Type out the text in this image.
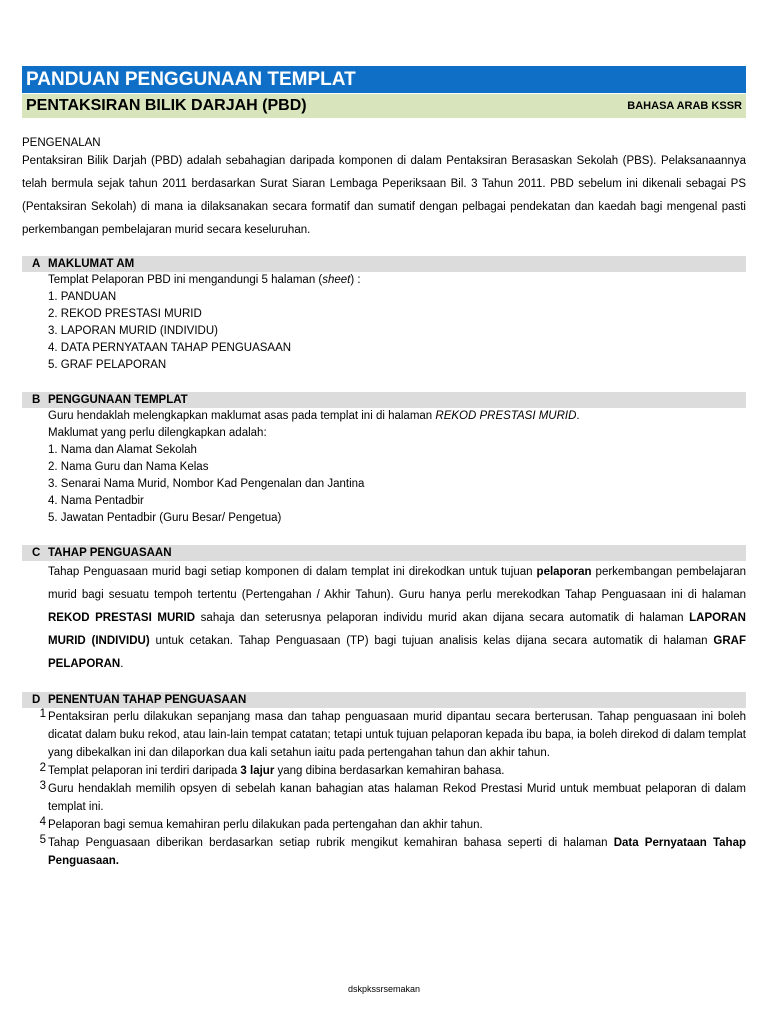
PANDUAN PENGGUNAAN TEMPLAT
PENTAKSIRAN BILIK DARJAH (PBD)	BAHASA ARAB KSSR
PENGENALAN

Pentaksiran Bilik Darjah (PBD) adalah sebahagian daripada komponen di dalam Pentaksiran Berasaskan Sekolah (PBS). Pelaksanaannya telah bermula sejak tahun 2011 berdasarkan Surat Siaran Lembaga Peperiksaan Bil. 3 Tahun 2011. PBD sebelum ini dikenali sebagai PS (Pentaksiran Sekolah) di mana ia dilaksanakan secara formatif dan sumatif dengan pelbagai pendekatan dan kaedah bagi mengenal pasti perkembangan pembelajaran murid secara keseluruhan.

A MAKLUMAT AM
Templat Pelaporan PBD ini mengandungi 5 halaman (sheet) :
1. PANDUAN
2. REKOD PRESTASI MURID
3. LAPORAN MURID (INDIVIDU)
4. DATA PERNYATAAN TAHAP PENGUASAAN
5. GRAF PELAPORAN
B PENGGUNAAN TEMPLAT
Guru hendaklah melengkapkan maklumat asas pada templat ini di halaman REKOD PRESTASI MURID.
Maklumat yang perlu dilengkapkan adalah:
1. Nama dan Alamat Sekolah
2. Nama Guru dan Nama Kelas
3. Senarai Nama Murid, Nombor Kad Pengenalan dan Jantina
4. Nama Pentadbir
5. Jawatan Pentadbir (Guru Besar/ Pengetua)
C TAHAP PENGUASAAN

Tahap Penguasaan murid bagi setiap komponen di dalam templat ini direkodkan untuk tujuan pelaporan perkembangan pembelajaran murid bagi sesuatu tempoh tertentu (Pertengahan / Akhir Tahun). Guru hanya perlu merekodkan Tahap Penguasaan ini di halaman REKOD PRESTASI MURID sahaja dan seterusnya pelaporan individu murid akan dijana secara automatik di halaman LAPORAN MURID (INDIVIDU) untuk cetakan. Tahap Penguasaan (TP) bagi tujuan analisis kelas dijana secara automatik di halaman GRAF PELAPORAN.

D PENENTUAN TAHAP PENGUASAAN
1 Pentaksiran perlu dilakukan sepanjang masa dan tahap penguasaan murid dipantau secara berterusan. Tahap penguasaan ini boleh dicatat dalam buku rekod, atau lain-lain tempat catatan; tetapi untuk tujuan pelaporan kepada ibu bapa, ia boleh direkod di dalam templat yang dibekalkan ini dan dilaporkan dua kali setahun iaitu pada pertengahan tahun dan akhir tahun.
2 Templat pelaporan ini terdiri daripada 3 lajur yang dibina berdasarkan kemahiran bahasa.
3 Guru hendaklah memilih opsyen di sebelah kanan bahagian atas halaman Rekod Prestasi Murid untuk membuat pelaporan di dalam templat ini.
4 Pelaporan bagi semua kemahiran perlu dilakukan pada pertengahan dan akhir tahun.
5 Tahap Penguasaan diberikan berdasarkan setiap rubrik mengikut kemahiran bahasa seperti di halaman Data Pernyataan Tahap Penguasaan.
dskpkssrsemakan
